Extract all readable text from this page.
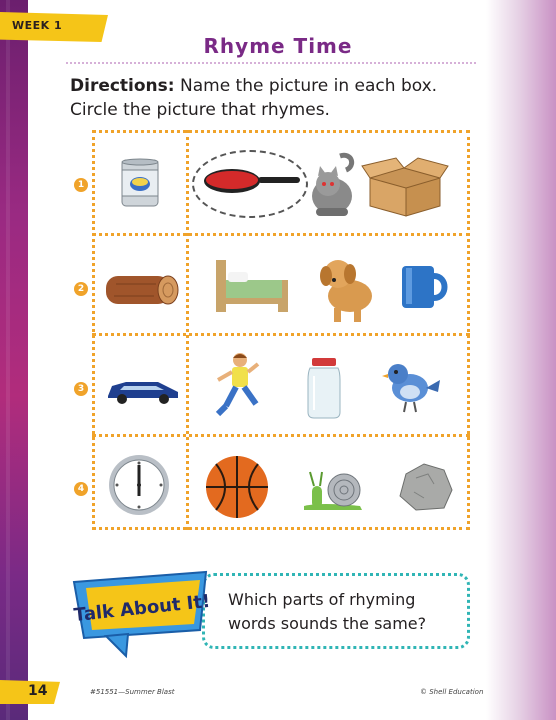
WEEK 1
Rhyme Time
Directions: Name the picture in each box.
Circle the picture that rhymes.
1
2
3
4
Talk About It! Which parts of rhyming
words sounds the same?
14	#51551—Summer Blast	© Shell Education
